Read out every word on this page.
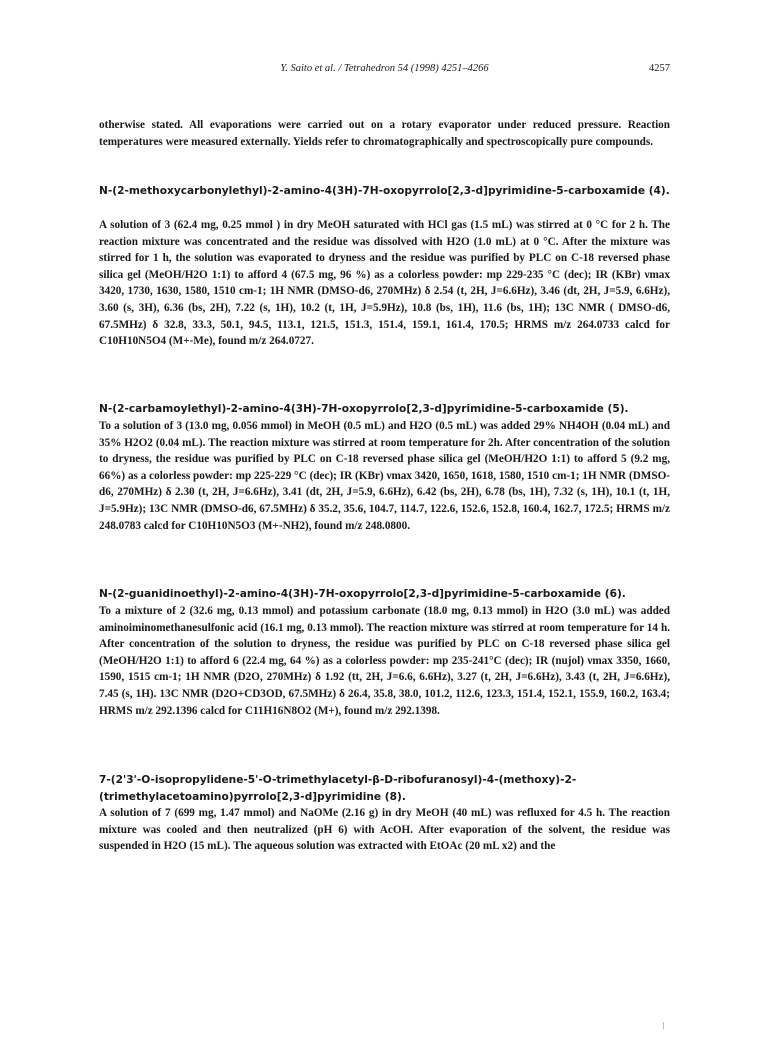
Y. Saito et al. / Tetrahedron 54 (1998) 4251–4266	4257
otherwise stated. All evaporations were carried out on a rotary evaporator under reduced pressure. Reaction temperatures were measured externally. Yields refer to chromatographically and spectroscopically pure compounds.
N-(2-methoxycarbonylethyl)-2-amino-4(3H)-7H-oxopyrrolo[2,3-d]pyrimidine-5-carboxamide (4).
A solution of 3 (62.4 mg, 0.25 mmol ) in dry MeOH saturated with HCl gas (1.5 mL) was stirred at 0 °C for 2 h. The reaction mixture was concentrated and the residue was dissolved with H2O (1.0 mL) at 0 °C. After the mixture was stirred for 1 h, the solution was evaporated to dryness and the residue was purified by PLC on C-18 reversed phase silica gel (MeOH/H2O 1:1) to afford 4 (67.5 mg, 96 %) as a colorless powder: mp 229-235 °C (dec); IR (KBr) νmax 3420, 1730, 1630, 1580, 1510 cm-1; 1H NMR (DMSO-d6, 270MHz) δ 2.54 (t, 2H, J=6.6Hz), 3.46 (dt, 2H, J=5.9, 6.6Hz), 3.60 (s, 3H), 6.36 (bs, 2H), 7.22 (s, 1H), 10.2 (t, 1H, J=5.9Hz), 10.8 (bs, 1H), 11.6 (bs, 1H); 13C NMR ( DMSO-d6, 67.5MHz) δ 32.8, 33.3, 50.1, 94.5, 113.1, 121.5, 151.3, 151.4, 159.1, 161.4, 170.5; HRMS m/z 264.0733 calcd for C10H10N5O4 (M+-Me), found m/z 264.0727.
N-(2-carbamoylethyl)-2-amino-4(3H)-7H-oxopyrrolo[2,3-d]pyrimidine-5-carboxamide (5).
To a solution of 3 (13.0 mg, 0.056 mmol) in MeOH (0.5 mL) and H2O (0.5 mL) was added 29% NH4OH (0.04 mL) and 35% H2O2 (0.04 mL). The reaction mixture was stirred at room temperature for 2h. After concentration of the solution to dryness, the residue was purified by PLC on C-18 reversed phase silica gel (MeOH/H2O 1:1) to afford 5 (9.2 mg, 66%) as a colorless powder: mp 225-229 °C (dec); IR (KBr) νmax 3420, 1650, 1618, 1580, 1510 cm-1; 1H NMR (DMSO-d6, 270MHz) δ 2.30 (t, 2H, J=6.6Hz), 3.41 (dt, 2H, J=5.9, 6.6Hz), 6.42 (bs, 2H), 6.78 (bs, 1H), 7.32 (s, 1H), 10.1 (t, 1H, J=5.9Hz); 13C NMR (DMSO-d6, 67.5MHz) δ 35.2, 35.6, 104.7, 114.7, 122.6, 152.6, 152.8, 160.4, 162.7, 172.5; HRMS m/z 248.0783 calcd for C10H10N5O3 (M+-NH2), found m/z 248.0800.
N-(2-guanidinoethyl)-2-amino-4(3H)-7H-oxopyrrolo[2,3-d]pyrimidine-5-carboxamide (6).
To a mixture of 2 (32.6 mg, 0.13 mmol) and potassium carbonate (18.0 mg, 0.13 mmol) in H2O (3.0 mL) was added aminoiminomethanesulfonic acid (16.1 mg, 0.13 mmol). The reaction mixture was stirred at room temperature for 14 h. After concentration of the solution to dryness, the residue was purified by PLC on C-18 reversed phase silica gel (MeOH/H2O 1:1) to afford 6 (22.4 mg, 64 %) as a colorless powder: mp 235-241°C (dec); IR (nujol) νmax 3350, 1660, 1590, 1515 cm-1; 1H NMR (D2O, 270MHz) δ 1.92 (tt, 2H, J=6.6, 6.6Hz), 3.27 (t, 2H, J=6.6Hz), 3.43 (t, 2H, J=6.6Hz), 7.45 (s, 1H). 13C NMR (D2O+CD3OD, 67.5MHz) δ 26.4, 35.8, 38.0, 101.2, 112.6, 123.3, 151.4, 152.1, 155.9, 160.2, 163.4; HRMS m/z 292.1396 calcd for C11H16N8O2 (M+), found m/z 292.1398.
7-(2'3'-O-isopropylidene-5'-O-trimethylacetyl-β-D-ribofuranosyl)-4-(methoxy)-2-(trimethylacetoamino)pyrrolo[2,3-d]pyrimidine (8).
A solution of 7 (699 mg, 1.47 mmol) and NaOMe (2.16 g) in dry MeOH (40 mL) was refluxed for 4.5 h. The reaction mixture was cooled and then neutralized (pH 6) with AcOH. After evaporation of the solvent, the residue was suspended in H2O (15 mL). The aqueous solution was extracted with EtOAc (20 mL x2) and the
